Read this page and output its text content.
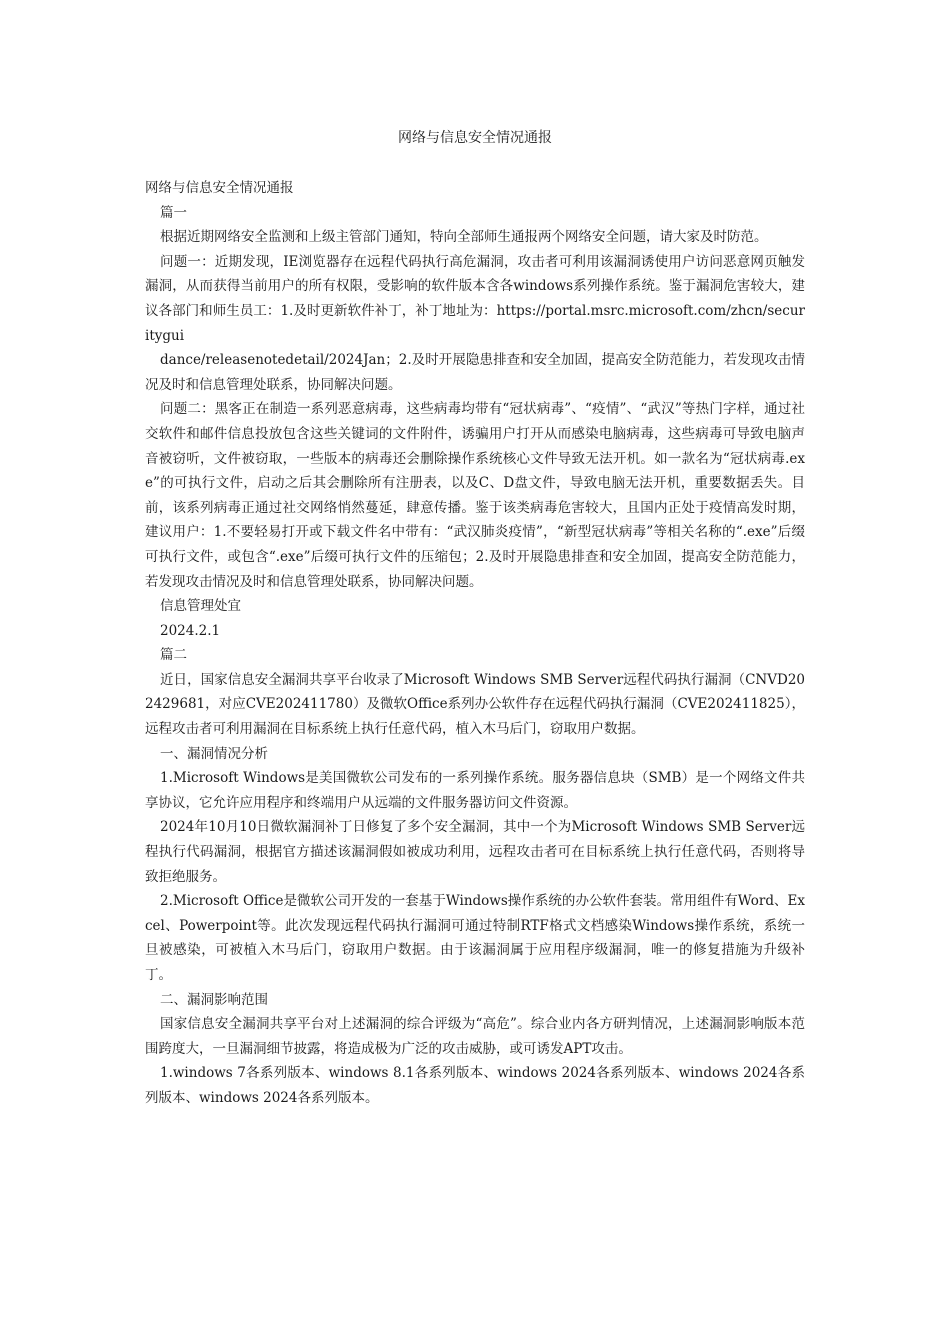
网络与信息安全情况通报

网络与信息安全情况通报

篇一

根据近期网络安全监测和上级主管部门通知，特向全部师生通报两个网络安全问题，请大家及时防范。

问题一：近期发现，IE浏览器存在远程代码执行高危漏洞，攻击者可利用该漏洞诱使用户访问恶意网页触发漏洞，从而获得当前用户的所有权限，受影响的软件版本含各windows系列操作系统。鉴于漏洞危害较大，建议各部门和师生员工：1.及时更新软件补丁，补丁地址为：https://portal.msrc.microsoft.com/zhcn/securitygui

dance/releasenotedetail/2024Jan；2.及时开展隐患排查和安全加固，提高安全防范能力，若发现攻击情况及时和信息管理处联系，协同解决问题。

问题二：黑客正在制造一系列恶意病毒，这些病毒均带有“冠状病毒”、“疫情”、“武汉”等热门字样，通过社交软件和邮件信息投放包含这些关键词的文件附件，诱骗用户打开从而感染电脑病毒，这些病毒可导致电脑声音被窃听，文件被窃取，一些版本的病毒还会删除操作系统核心文件导致无法开机。如一款名为“冠状病毒.exe”的可执行文件，启动之后其会删除所有注册表，以及C、D盘文件，导致电脑无法开机，重要数据丢失。目前，该系列病毒正通过社交网络悄然蔓延，肆意传播。鉴于该类病毒危害较大，且国内正处于疫情高发时期，建议用户：1.不要轻易打开或下载文件名中带有：“武汉肺炎疫情”，“新型冠状病毒”等相关名称的“.exe”后缀可执行文件，或包含“.exe”后缀可执行文件的压缩包；2.及时开展隐患排查和安全加固，提高安全防范能力，若发现攻击情况及时和信息管理处联系，协同解决问题。

信息管理处宜

2024.2.1

篇二

近日，国家信息安全漏洞共享平台收录了Microsoft Windows SMB Server远程代码执行漏洞（CNVD202429681，对应CVE202411780）及微软Office系列办公软件存在远程代码执行漏洞（CVE202411825），远程攻击者可利用漏洞在目标系统上执行任意代码，植入木马后门，窃取用户数据。

一、漏洞情况分析

1.Microsoft Windows是美国微软公司发布的一系列操作系统。服务器信息块（SMB）是一个网络文件共享协议，它允许应用程序和终端用户从远端的文件服务器访问文件资源。

2024年10月10日微软漏洞补丁日修复了多个安全漏洞，其中一个为Microsoft Windows SMB Server远程执行代码漏洞，根据官方描述该漏洞假如被成功利用，远程攻击者可在目标系统上执行任意代码，否则将导致拒绝服务。

2.Microsoft Office是微软公司开发的一套基于Windows操作系统的办公软件套装。常用组件有Word、Excel、Powerpoint等。此次发现远程代码执行漏洞可通过特制RTF格式文档感染Windows操作系统，系统一旦被感染，可被植入木马后门，窃取用户数据。由于该漏洞属于应用程序级漏洞，唯一的修复措施为升级补丁。

二、漏洞影响范围

国家信息安全漏洞共享平台对上述漏洞的综合评级为“高危”。综合业内各方研判情况，上述漏洞影响版本范围跨度大，一旦漏洞细节披露，将造成极为广泛的攻击威胁，或可诱发APT攻击。

1.windows 7各系列版本、windows 8.1各系列版本、windows 2024各系列版本、windows 2024各系列版本、windows 2024各系列版本。
